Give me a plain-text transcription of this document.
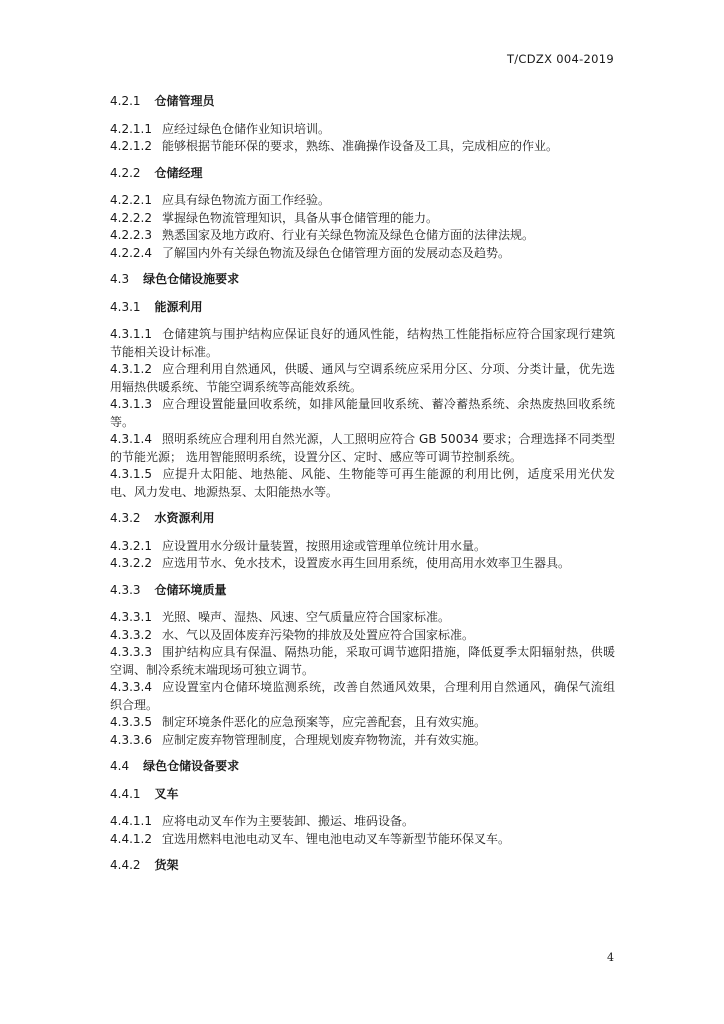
T/CDZX 004-2019
4.2.1 仓储管理员
4.2.1.1 应经过绿色仓储作业知识培训。
4.2.1.2 能够根据节能环保的要求，熟练、准确操作设备及工具，完成相应的作业。
4.2.2 仓储经理
4.2.2.1 应具有绿色物流方面工作经验。
4.2.2.2 掌握绿色物流管理知识，具备从事仓储管理的能力。
4.2.2.3 熟悉国家及地方政府、行业有关绿色物流及绿色仓储方面的法律法规。
4.2.2.4 了解国内外有关绿色物流及绿色仓储管理方面的发展动态及趋势。
4.3 绿色仓储设施要求
4.3.1 能源利用
4.3.1.1 仓储建筑与围护结构应保证良好的通风性能，结构热工性能指标应符合国家现行建筑节能相关设计标准。
4.3.1.2 应合理利用自然通风，供暖、通风与空调系统应采用分区、分项、分类计量，优先选用辐热供暖系统、节能空调系统等高能效系统。
4.3.1.3 应合理设置能量回收系统，如排风能量回收系统、蓄冷蓄热系统、余热废热回收系统等。
4.3.1.4 照明系统应合理利用自然光源，人工照明应符合 GB 50034 要求；合理选择不同类型的节能光源； 选用智能照明系统，设置分区、定时、感应等可调节控制系统。
4.3.1.5 应提升太阳能、地热能、风能、生物能等可再生能源的利用比例，适度采用光伏发电、风力发电、地源热泵、太阳能热水等。
4.3.2 水资源利用
4.3.2.1 应设置用水分级计量装置，按照用途或管理单位统计用水量。
4.3.2.2 应选用节水、免水技术，设置废水再生回用系统，使用高用水效率卫生器具。
4.3.3 仓储环境质量
4.3.3.1 光照、噪声、湿热、风速、空气质量应符合国家标准。
4.3.3.2 水、气以及固体废弃污染物的排放及处置应符合国家标准。
4.3.3.3 围护结构应具有保温、隔热功能，采取可调节遮阳措施，降低夏季太阳辐射热，供暖空调、制冷系统末端现场可独立调节。
4.3.3.4 应设置室内仓储环境监测系统，改善自然通风效果，合理利用自然通风，确保气流组织合理。
4.3.3.5 制定环境条件恶化的应急预案等，应完善配套，且有效实施。
4.3.3.6 应制定废弃物管理制度，合理规划废弃物物流，并有效实施。
4.4 绿色仓储设备要求
4.4.1 叉车
4.4.1.1 应将电动叉车作为主要装卸、搬运、堆码设备。
4.4.1.2 宜选用燃料电池电动叉车、锂电池电动叉车等新型节能环保叉车。
4.4.2 货架
4
